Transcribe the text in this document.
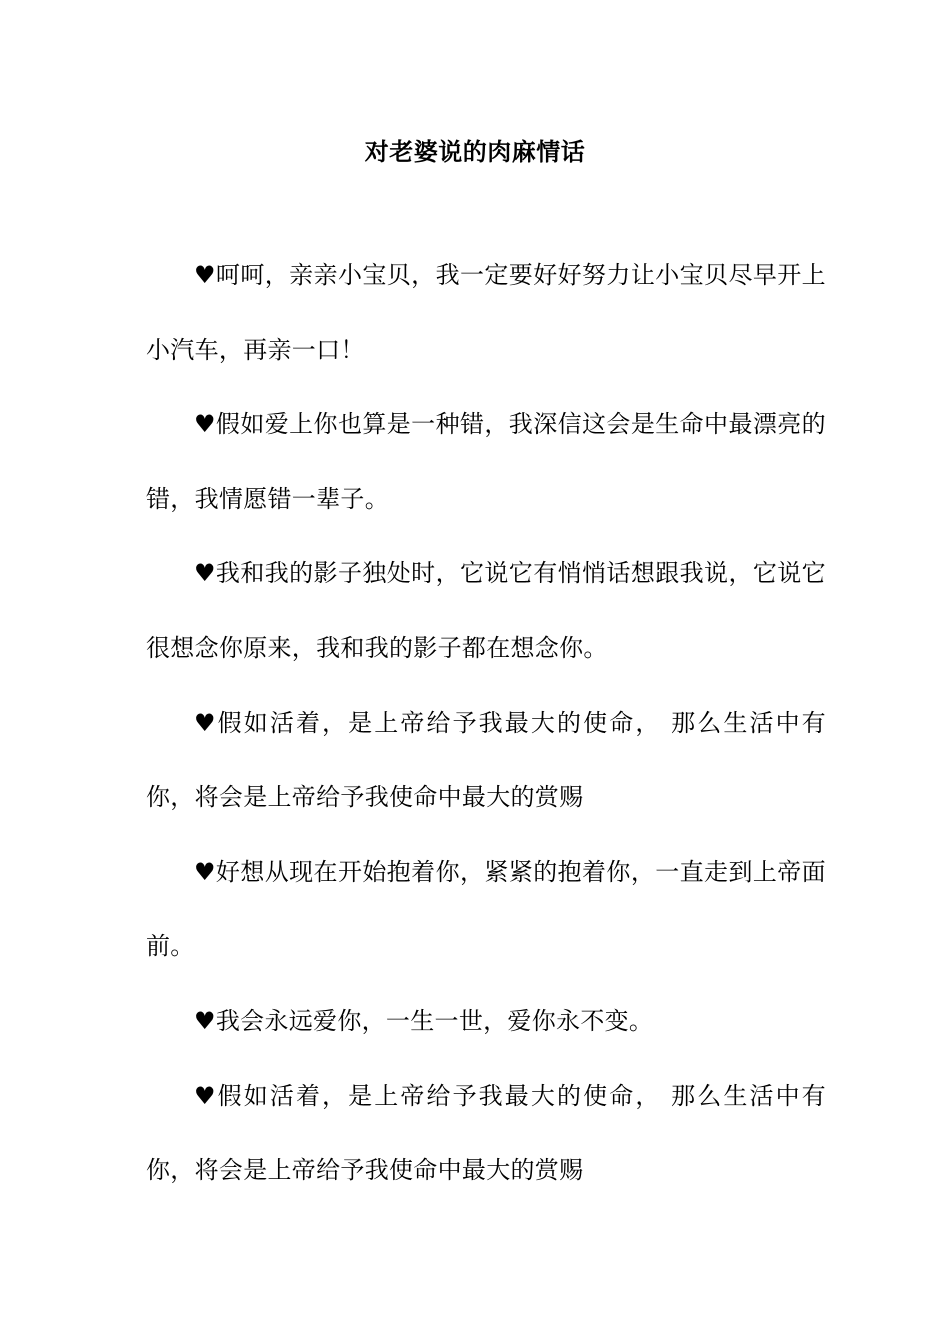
对老婆说的肉麻情话

♥呵呵，亲亲小宝贝，我一定要好好努力让小宝贝尽早开上小汽车，再亲一口！

♥假如爱上你也算是一种错，我深信这会是生命中最漂亮的错，我情愿错一辈子。

♥我和我的影子独处时，它说它有悄悄话想跟我说，它说它很想念你原来，我和我的影子都在想念你。

♥假如活着，是上帝给予我最大的使命， 那么生活中有你，将会是上帝给予我使命中最大的赏赐

♥好想从现在开始抱着你，紧紧的抱着你，一直走到上帝面前。

♥我会永远爱你，一生一世，爱你永不变。

♥假如活着，是上帝给予我最大的使命， 那么生活中有你，将会是上帝给予我使命中最大的赏赐
